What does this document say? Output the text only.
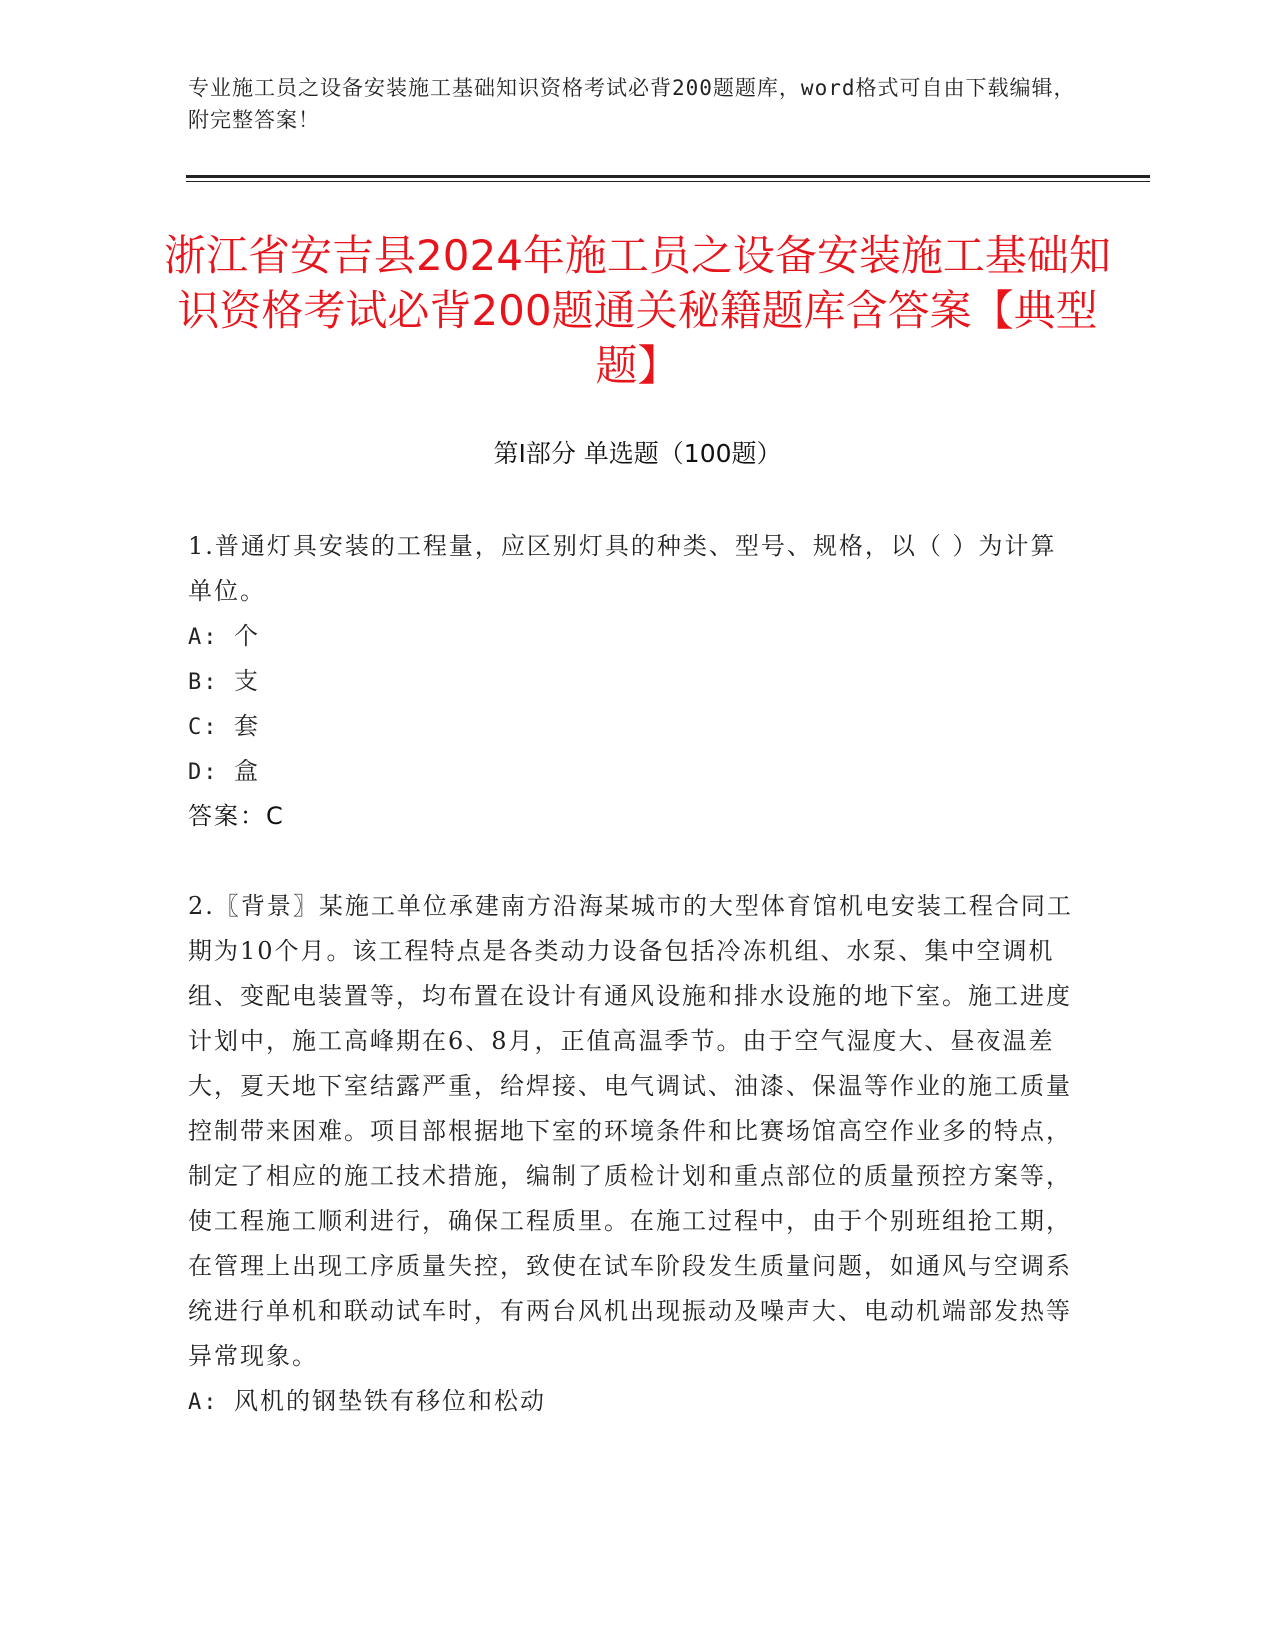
专业施工员之设备安装施工基础知识资格考试必背200题题库，word格式可自由下载编辑，附完整答案！
浙江省安吉县2024年施工员之设备安装施工基础知识资格考试必背200题通关秘籍题库含答案【典型题】
第I部分 单选题（100题）

1.普通灯具安装的工程量，应区别灯具的种类、型号、规格，以（ ）为计算单位。

A: 个

B: 支

C: 套

D: 盒

答案：C

2.〖背景〗某施工单位承建南方沿海某城市的大型体育馆机电安装工程合同工期为10个月。该工程特点是各类动力设备包括冷冻机组、水泵、集中空调机组、变配电装置等，均布置在设计有通风设施和排水设施的地下室。施工进度计划中，施工高峰期在6、8月，正值高温季节。由于空气湿度大、昼夜温差大，夏天地下室结露严重，给焊接、电气调试、油漆、保温等作业的施工质量控制带来困难。项目部根据地下室的环境条件和比赛场馆高空作业多的特点，制定了相应的施工技术措施，编制了质检计划和重点部位的质量预控方案等，使工程施工顺利进行，确保工程质里。在施工过程中，由于个别班组抢工期，在管理上出现工序质量失控，致使在试车阶段发生质量问题，如通风与空调系统进行单机和联动试车时，有两台风机出现振动及噪声大、电动机端部发热等异常现象。

A: 风机的钢垫铁有移位和松动
